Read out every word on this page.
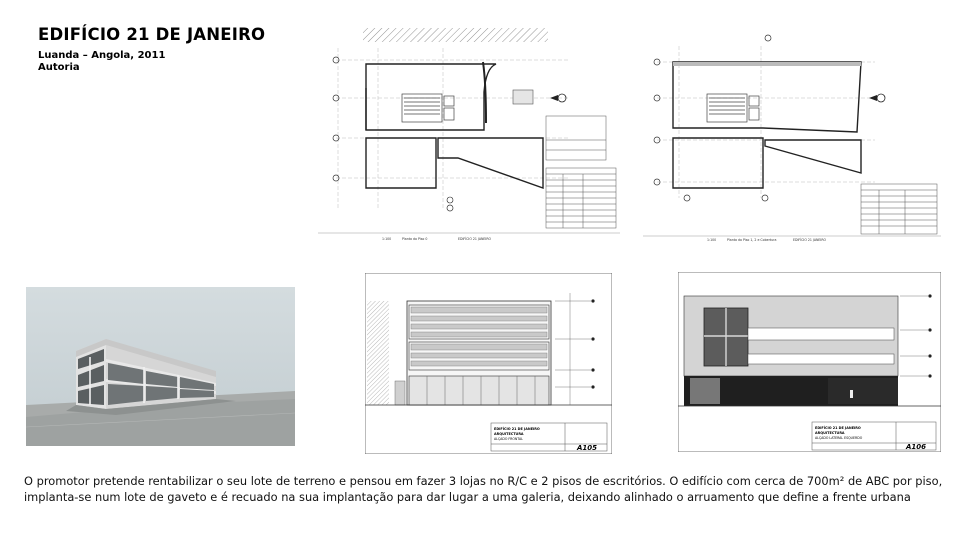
EDIFÍCIO 21 DE JANEIRO
Luanda – Angola, 2011
Autoria
1:100	Planta do Piso 0	EDIFÍCIO 21 JANEIRO	1:100	Planta do Piso 1, 2 e Cobertura	EDIFÍCIO 21 JANEIRO
EDIFÍCIO 21 DE JANEIRO
ARQUITECTURA
ALÇADO FRONTAL
A105
EDIFÍCIO 21 DE JANEIRO
ARQUITECTURA
ALÇADO LATERAL ESQUERDO
A106

O promotor pretende rentabilizar o seu lote de terreno e pensou em fazer 3 lojas no R/C e 2 pisos de escritórios. O edifício com cerca de 700m² de ABC por piso, implanta-se num lote de gaveto e é recuado na sua implantação para dar lugar a uma galeria, deixando alinhado o arruamento que define a frente urbana
